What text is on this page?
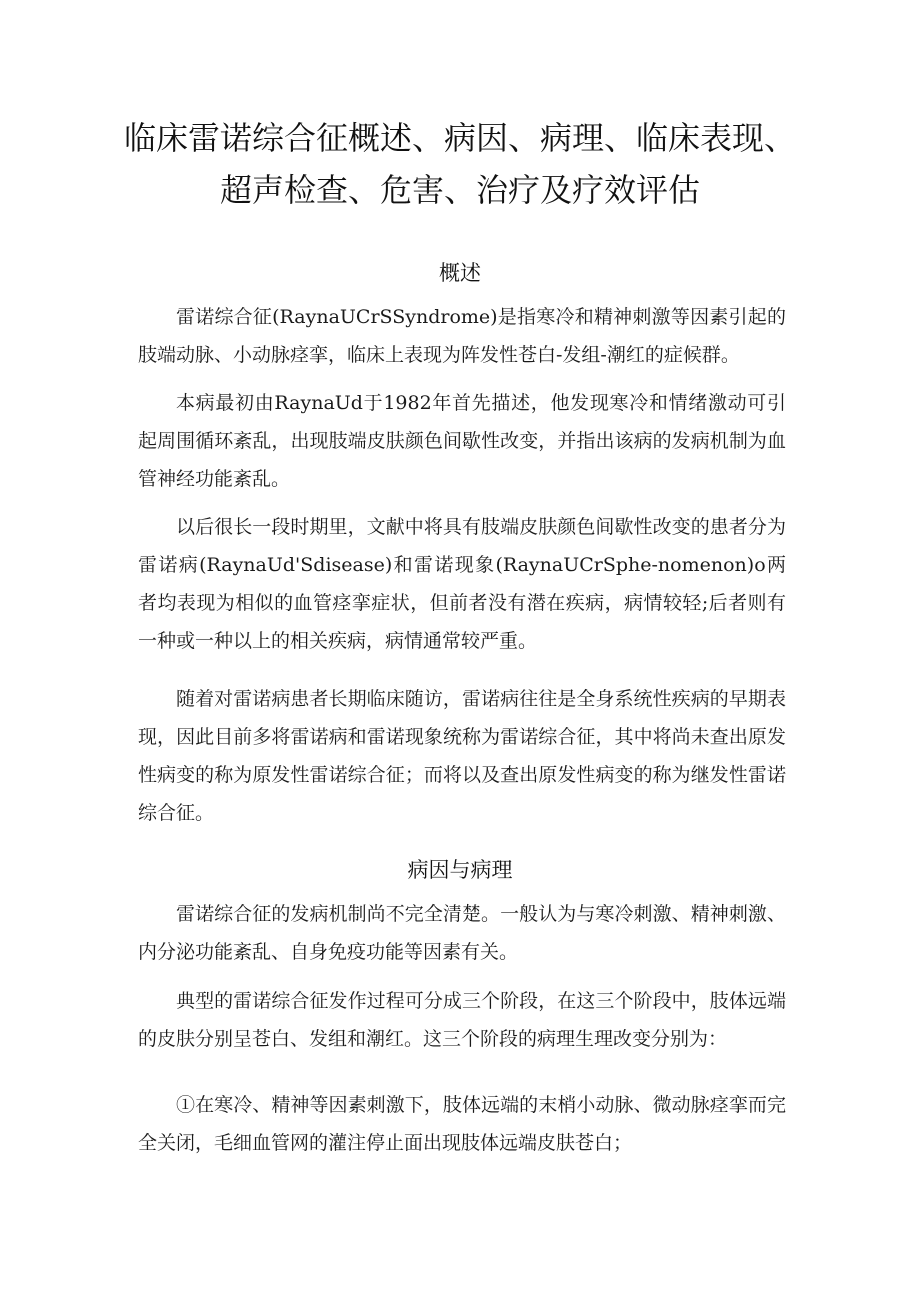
临床雷诺综合征概述、病因、病理、临床表现、超声检查、危害、治疗及疗效评估
概述

雷诺综合征(RaynaUCrSSyndrome)是指寒冷和精神刺激等因素引起的肢端动脉、小动脉痉挛，临床上表现为阵发性苍白-发组-潮红的症候群。

本病最初由RaynaUd于1982年首先描述，他发现寒冷和情绪激动可引起周围循环紊乱，出现肢端皮肤颜色间歇性改变，并指出该病的发病机制为血管神经功能紊乱。

以后很长一段时期里，文献中将具有肢端皮肤颜色间歇性改变的患者分为雷诺病(RaynaUd'Sdisease)和雷诺现象(RaynaUCrSphe-nomenon)o两者均表现为相似的血管痉挛症状，但前者没有潜在疾病，病情较轻;后者则有一种或一种以上的相关疾病，病情通常较严重。

随着对雷诺病患者长期临床随访，雷诺病往往是全身系统性疾病的早期表现，因此目前多将雷诺病和雷诺现象统称为雷诺综合征，其中将尚未查出原发性病变的称为原发性雷诺综合征；而将以及查出原发性病变的称为继发性雷诺综合征。

病因与病理

雷诺综合征的发病机制尚不完全清楚。一般认为与寒冷刺激、精神刺激、内分泌功能紊乱、自身免疫功能等因素有关。

典型的雷诺综合征发作过程可分成三个阶段，在这三个阶段中，肢体远端的皮肤分别呈苍白、发组和潮红。这三个阶段的病理生理改变分别为：

①在寒冷、精神等因素刺激下，肢体远端的末梢小动脉、微动脉痉挛而完全关闭，毛细血管网的灌注停止面出现肢体远端皮肤苍白；
